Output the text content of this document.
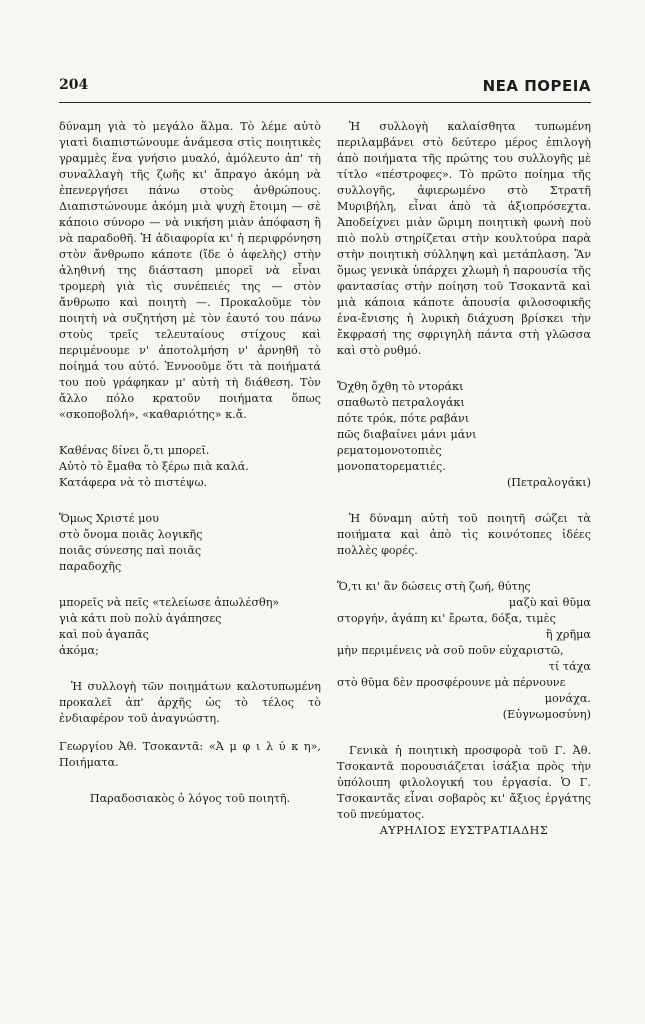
204	ΝΕΑ ΠΟΡΕΙΑ

δύναμη γιὰ τὸ μεγάλο ἅλμα. Τὸ λέμε αὐτὸ γιατὶ διαπιστώνουμε ἀνάμεσα στὶς ποιητικὲς γραμμὲς ἕνα γνήσιο μυαλό, ἀμόλευτο ἀπ' τὴ συναλλαγὴ τῆς ζωῆς κι' ἄπραγο ἀκόμη νὰ ἐπενεργήσει πάνω στοὺς ἀνθρώπους. Διαπιστώνουμε ἀκόμη μιὰ ψυχὴ ἕτοιμη — σὲ κάποιο σύνορο — νὰ νικήση μιὰν ἀπόφαση ἢ νὰ παραδοθῆ. Ἡ ἀδιαφορία κι' ἡ περιφρόνηση στὸν ἄνθρωπο κάποτε (ἴδε ὁ ἀφελὴς) στὴν ἀληθινή της διάσταση μπορεῖ νὰ εἶναι τρομερὴ γιὰ τὶς συνέπειές της — στὸν ἄνθρωπο καὶ ποιητὴ —. Προκαλοῦμε τὸν ποιητὴ νὰ συζητήση μὲ τὸν ἑαυτό του πάνω στοὺς τρεῖς τελευταίους στίχους καὶ περιμένουμε ν' ἀποτολμήση ν' ἀρνηθῆ τὸ ποίημά του αὐτό. Ἐννοοῦμε ὅτι τὰ ποιήματά του ποὺ γράφηκαν μ' αὐτὴ τὴ διάθεση. Τὸν ἄλλο πόλο κρατοῦν ποιήματα ὅπως «σκοποβολή», «καθαριότης» κ.ἄ.

Καθένας δίνει ὅ,τι μπορεῖ.
Αὐτὸ τὸ ἔμαθα τὸ ξέρω πιὰ καλά.
Κατάφερα νὰ τὸ πιστέψω.

Ὅμως Χριστέ μου
στὸ ὄνομα ποιᾶς λογικῆς
ποιᾶς σύνεσης παὶ ποιᾶς
παραδοχῆς

μπορεῖς νὰ πεῖς «τελείωσε ἀπωλέσθη»
γιὰ κάτι ποὺ πολὺ ἀγάπησες
καὶ ποὺ ἀγαπᾶς
ἀκόμα;

Ἡ συλλογὴ τῶν ποιημάτων καλοτυπωμένη προκαλεῖ ἀπ' ἀρχῆς ὡς τὸ τέλος τὸ ἐνδιαφέρον τοῦ ἀναγνώστη.

Γεωργίου Ἀθ. Τσοκαντᾶ: «Ἀ μ φ ι λ ύ κ η», Ποιήματα.

Παραδοσιακὸς ὁ λόγος τοῦ ποιητῆ.

Ἡ συλλογὴ καλαίσθητα τυπωμένη περιλαμβάνει στὸ δεύτερο μέρος ἐπιλογὴ ἀπὸ ποιήματα τῆς πρώτης του συλλογῆς μὲ τίτλο «πέστροφες». Τὸ πρῶτο ποίημα τῆς συλλογῆς, ἀφιερωμένο στὸ Στρατῆ Μυριβήλη, εἶναι ἀπὸ τὰ ἀξιοπρόσεχτα. Ἀποδείχνει μιὰν ὥριμη ποιητικὴ φωνὴ ποὺ πιὸ πολὺ στηρίζεται στὴν κουλτούρα παρὰ στὴν ποιητικὴ σύλληψη καὶ μετάπλαση. Ἂν ὅμως γενικὰ ὑπάρχει χλωμὴ ἡ παρουσία τῆς φαντασίας στὴν ποίηση τοῦ Τσοκαντᾶ καὶ μιὰ κάποια κάποτε ἀπουσία φιλοσοφικῆς ἐνα-ἔνισης ἡ λυρικὴ διάχυση βρίσκει τὴν ἔκφρασή της σφριγηλὴ πάντα στὴ γλῶσσα καὶ στὸ ρυθμό.

Ὄχθη ὄχθη τὸ ντοράκι
σπαθωτὸ πετραλογάκι
πότε τρόκ, πότε ραβάνι
πῶς διαβαίνει μάνι μάνι
ρεματομονοτοπιὲς
μονοπατορεματιές.

(Πετραλογάκι)

Ἡ δύναμη αὐτὴ τοῦ ποιητῆ σώζει τὰ ποιήματα καὶ ἀπὸ τὶς κοινότοπες ἰδέες πολλὲς φορές.

Ὅ,τι κι' ἂν δώσεις στὴ ζωή, θύτης

μαζὺ καὶ θῦμα

στοργήν, ἀγάπη κι' ἔρωτα, δόξα, τιμὲς

ἢ χρῆμα

μὴν περιμένεις νὰ σοῦ ποῦν εὐχαριστῶ,

τί τάχα

στὸ θῦμα δὲν προσφέρουνε μὰ πέρνουνε

μονάχα.

(Εὐγνωμοσύνη)

Γενικὰ ἡ ποιητικὴ προσφορὰ τοῦ Γ. Ἀθ. Τσοκαντᾶ πορουσιάζεται ἰσάξια πρὸς τὴν ὑπόλοιπη φιλολογική του ἐργασία. Ὁ Γ. Τσοκαντᾶς εἶναι σοβαρὸς κι' ἄξιος ἐργάτης τοῦ πνεύματος.

ΑΥΡΗΛΙΟΣ ΕΥΣΤΡΑΤΙΑΔΗΣ
